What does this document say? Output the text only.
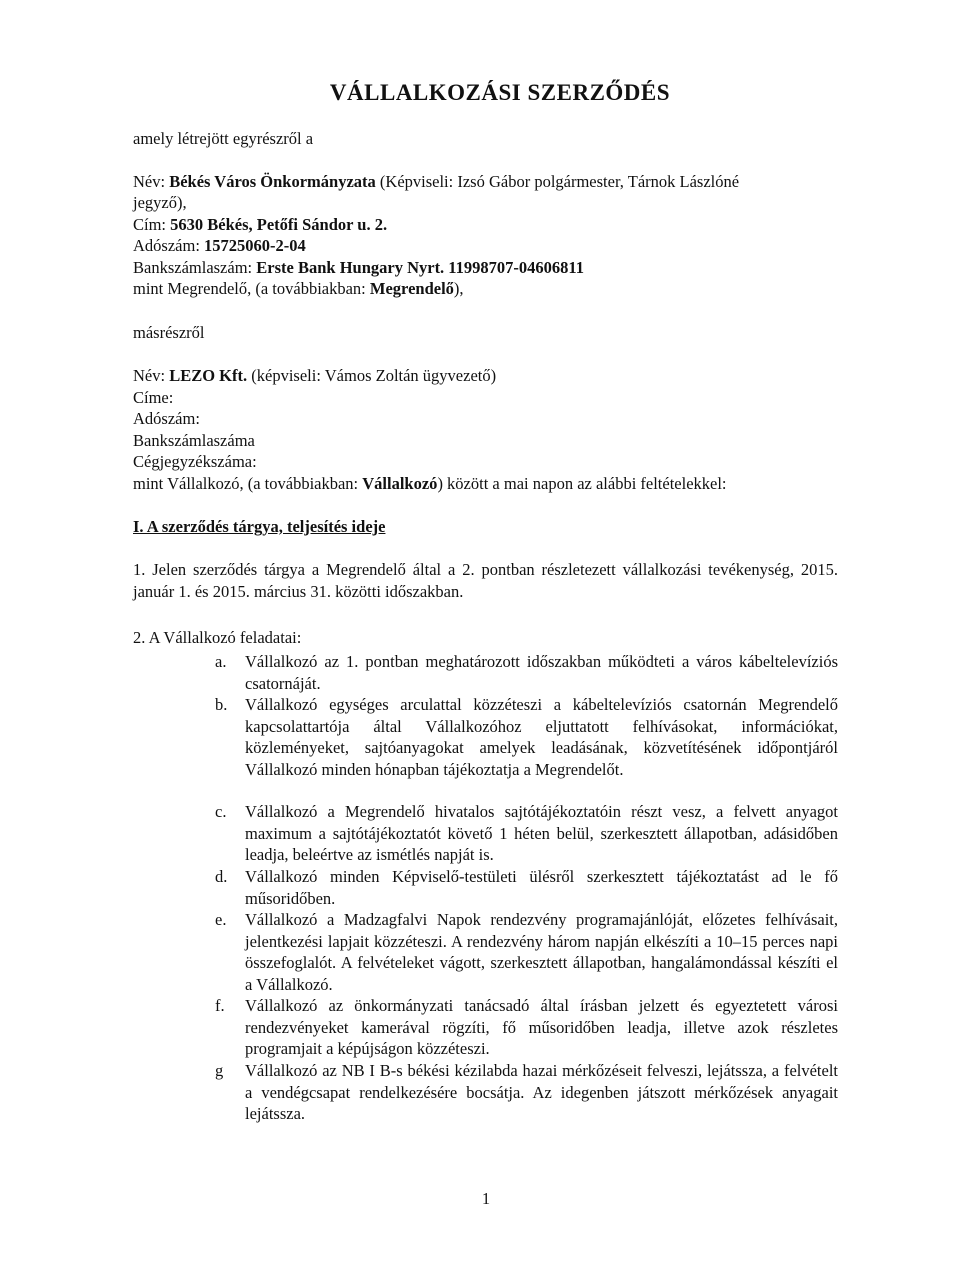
VÁLLALKOZÁSI SZERZŐDÉS
amely létrejött egyrészről a
Név: Békés Város Önkormányzata (Képviseli: Izsó Gábor polgármester, Tárnok Lászlóné
jegyző),
Cím: 5630 Békés, Petőfi Sándor u. 2.
Adószám: 15725060-2-04
Bankszámlaszám: Erste Bank Hungary Nyrt. 11998707-04606811
mint Megrendelő, (a továbbiakban: Megrendelő),
másrészről
Név: LEZO Kft. (képviseli: Vámos Zoltán ügyvezető)
Címe:
Adószám:
Bankszámlaszáma
Cégjegyzékszáma:
mint Vállalkozó, (a továbbiakban: Vállalkozó) között a mai napon az alábbi feltételekkel:
I. A szerződés tárgya, teljesítés ideje

1. Jelen szerződés tárgya a Megrendelő által a 2. pontban részletezett vállalkozási tevékenység, 2015. január 1. és 2015. március 31. közötti időszakban.

2. A Vállalkozó feladatai:
a. Vállalkozó az 1. pontban meghatározott időszakban működteti a város kábeltelevíziós csatornáját.
b. Vállalkozó egységes arculattal közzéteszi a kábeltelevíziós csatornán Megrendelő kapcsolattartója által Vállalkozóhoz eljuttatott felhívásokat, információkat, közleményeket, sajtóanyagokat amelyek leadásának, közvetítésének időpontjáról Vállalkozó minden hónapban tájékoztatja a Megrendelőt.
c. Vállalkozó a Megrendelő hivatalos sajtótájékoztatóin részt vesz, a felvett anyagot maximum a sajtótájékoztatót követő 1 héten belül, szerkesztett állapotban, adásidőben leadja, beleértve az ismétlés napját is.
d. Vállalkozó minden Képviselő-testületi ülésről szerkesztett tájékoztatást ad le fő műsoridőben.
e. Vállalkozó a Madzagfalvi Napok rendezvény programajánlóját, előzetes felhívásait, jelentkezési lapjait közzéteszi. A rendezvény három napján elkészíti a 10–15 perces napi összefoglalót. A felvételeket vágott, szerkesztett állapotban, hangalámondással készíti el a Vállalkozó.
f. Vállalkozó az önkormányzati tanácsadó által írásban jelzett és egyeztetett városi rendezvényeket kamerával rögzíti, fő műsoridőben leadja, illetve azok részletes programjait a képújságon közzéteszi.
g Vállalkozó az NB I B-s békési kézilabda hazai mérkőzéseit felveszi, lejátssza, a felvételt a vendégcsapat rendelkezésére bocsátja. Az idegenben játszott mérkőzések anyagait lejátssza.
1
